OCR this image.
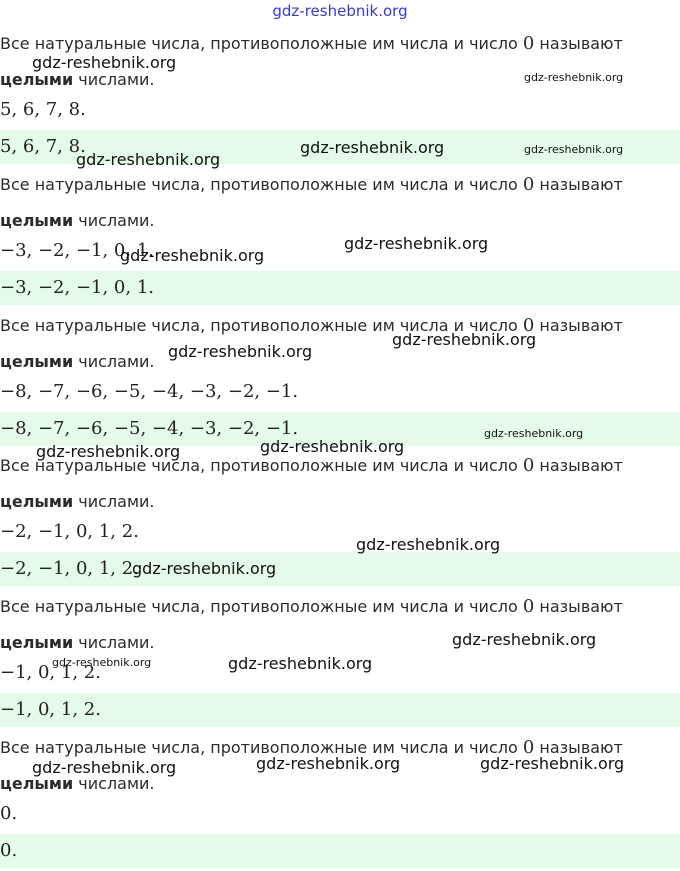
gdz-reshebnik.org
Все натуральные числа, противоположные им числа и число 0 называют
целыми числами.
5, 6, 7, 8.
5, 6, 7, 8.
Все натуральные числа, противоположные им числа и число 0 называют
целыми числами.
−3, −2, −1, 0, 1.
−3, −2, −1, 0, 1.
Все натуральные числа, противоположные им числа и число 0 называют
целыми числами.
−8, −7, −6, −5, −4, −3, −2, −1.
−8, −7, −6, −5, −4, −3, −2, −1.
Все натуральные числа, противоположные им числа и число 0 называют
целыми числами.
−2, −1, 0, 1, 2.
−2, −1, 0, 1, 2.
Все натуральные числа, противоположные им числа и число 0 называют
целыми числами.
−1, 0, 1, 2.
−1, 0, 1, 2.
Все натуральные числа, противоположные им числа и число 0 называют
целыми числами.
0.
0.
gdz-reshebnik.org
gdz-reshebnik.org
gdz-reshebnik.org
gdz-reshebnik.org	gdz-reshebnik.org
gdz-reshebnik.org
gdz-reshebnik.org
gdz-reshebnik.org
gdz-reshebnik.org
gdz-reshebnik.org	gdz-reshebnik.org
gdz-reshebnik.org
gdz-reshebnik.org
gdz-reshebnik.org
gdz-reshebnik.org
gdz-reshebnik.org	gdz-reshebnik.org
gdz-reshebnik.org	gdz-reshebnik.org	gdz-reshebnik.org
